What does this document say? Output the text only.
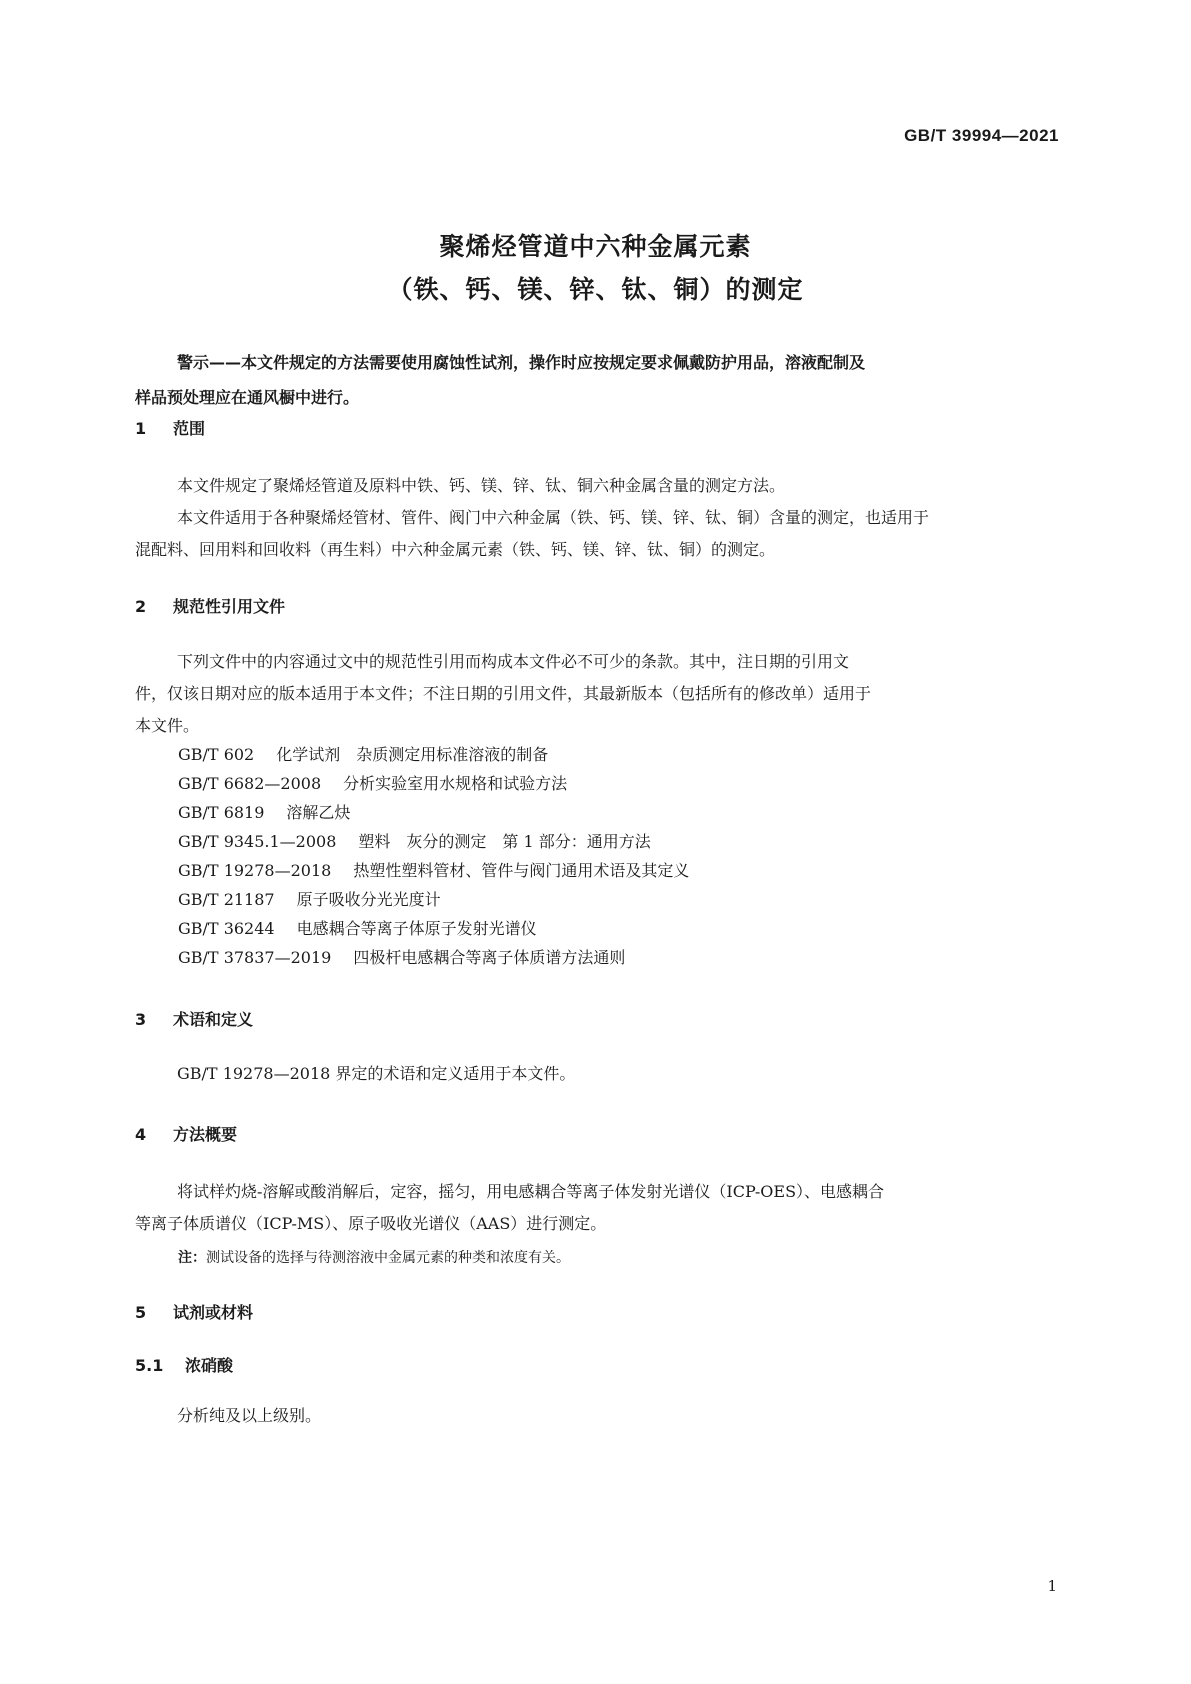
GB/T 39994—2021
聚烯烃管道中六种金属元素
（铁、钙、镁、锌、钛、铜）的测定
警示——本文件规定的方法需要使用腐蚀性试剂，操作时应按规定要求佩戴防护用品，溶液配制及
样品预处理应在通风橱中进行。
1 范围
本文件规定了聚烯烃管道及原料中铁、钙、镁、锌、钛、铜六种金属含量的测定方法。
本文件适用于各种聚烯烃管材、管件、阀门中六种金属（铁、钙、镁、锌、钛、铜）含量的测定，也适用于
混配料、回用料和回收料（再生料）中六种金属元素（铁、钙、镁、锌、钛、铜）的测定。
2 规范性引用文件
下列文件中的内容通过文中的规范性引用而构成本文件必不可少的条款。其中，注日期的引用文
件，仅该日期对应的版本适用于本文件；不注日期的引用文件，其最新版本（包括所有的修改单）适用于
本文件。
GB/T 602 化学试剂　杂质测定用标准溶液的制备
GB/T 6682—2008 分析实验室用水规格和试验方法
GB/T 6819 溶解乙炔
GB/T 9345.1—2008 塑料　灰分的测定　第 1 部分：通用方法
GB/T 19278—2018 热塑性塑料管材、管件与阀门通用术语及其定义
GB/T 21187 原子吸收分光光度计
GB/T 36244 电感耦合等离子体原子发射光谱仪
GB/T 37837—2019 四极杆电感耦合等离子体质谱方法通则
3 术语和定义
GB/T 19278—2018 界定的术语和定义适用于本文件。
4 方法概要
将试样灼烧-溶解或酸消解后，定容，摇匀，用电感耦合等离子体发射光谱仪（ICP-OES）、电感耦合
等离子体质谱仪（ICP-MS）、原子吸收光谱仪（AAS）进行测定。
注：测试设备的选择与待测溶液中金属元素的种类和浓度有关。
5 试剂或材料
5.1 浓硝酸
分析纯及以上级别。
1
